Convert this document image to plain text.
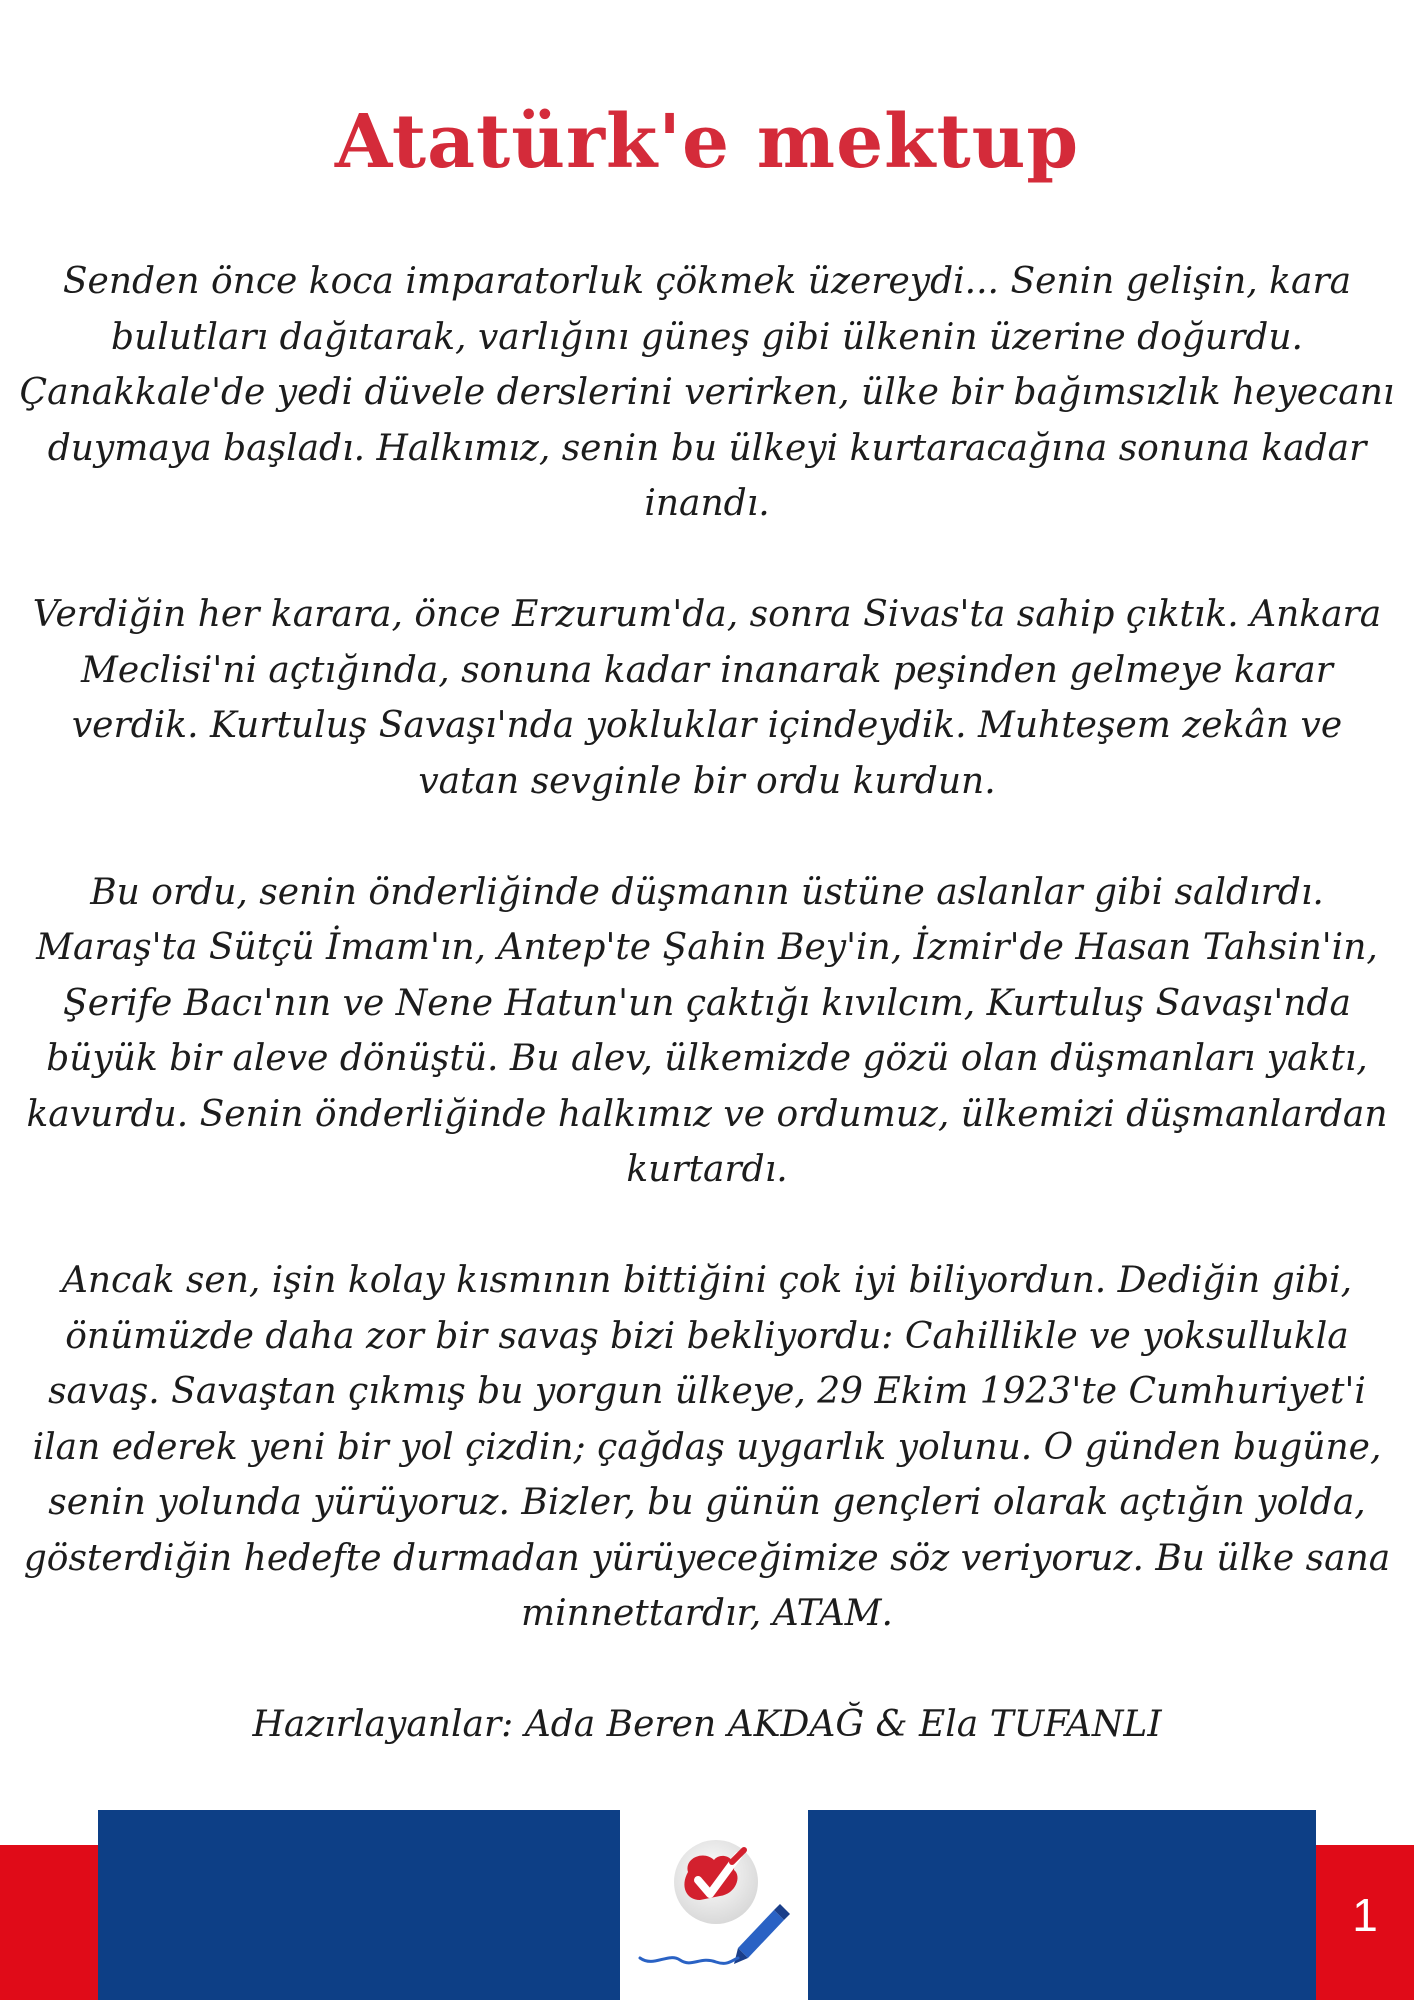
Atatürk'e mektup

Senden önce koca imparatorluk çökmek üzereydi... Senin gelişin, kara bulutları dağıtarak, varlığını güneş gibi ülkenin üzerine doğurdu. Çanakkale'de yedi düvele derslerini verirken, ülke bir bağımsızlık heyecanı duymaya başladı. Halkımız, senin bu ülkeyi kurtaracağına sonuna kadar inandı.

Verdiğin her karara, önce Erzurum'da, sonra Sivas'ta sahip çıktık. Ankara Meclisi'ni açtığında, sonuna kadar inanarak peşinden gelmeye karar verdik. Kurtuluş Savaşı'nda yokluklar içindeydik. Muhteşem zekân ve vatan sevginle bir ordu kurdun.

Bu ordu, senin önderliğinde düşmanın üstüne aslanlar gibi saldırdı. Maraş'ta Sütçü İmam'ın, Antep'te Şahin Bey'in, İzmir'de Hasan Tahsin'in, Şerife Bacı'nın ve Nene Hatun'un çaktığı kıvılcım, Kurtuluş Savaşı'nda büyük bir aleve dönüştü. Bu alev, ülkemizde gözü olan düşmanları yaktı, kavurdu. Senin önderliğinde halkımız ve ordumuz, ülkemizi düşmanlardan kurtardı.

Ancak sen, işin kolay kısmının bittiğini çok iyi biliyordun. Dediğin gibi, önümüzde daha zor bir savaş bizi bekliyordu: Cahillikle ve yoksullukla savaş. Savaştan çıkmış bu yorgun ülkeye, 29 Ekim 1923'te Cumhuriyet'i ilan ederek yeni bir yol çizdin; çağdaş uygarlık yolunu. O günden bugüne, senin yolunda yürüyoruz. Bizler, bu günün gençleri olarak açtığın yolda, gösterdiğin hedefte durmadan yürüyeceğimize söz veriyoruz. Bu ülke sana minnettardır, ATAM.

Hazırlayanlar: Ada Beren AKDAĞ & Ela TUFANLI

1
